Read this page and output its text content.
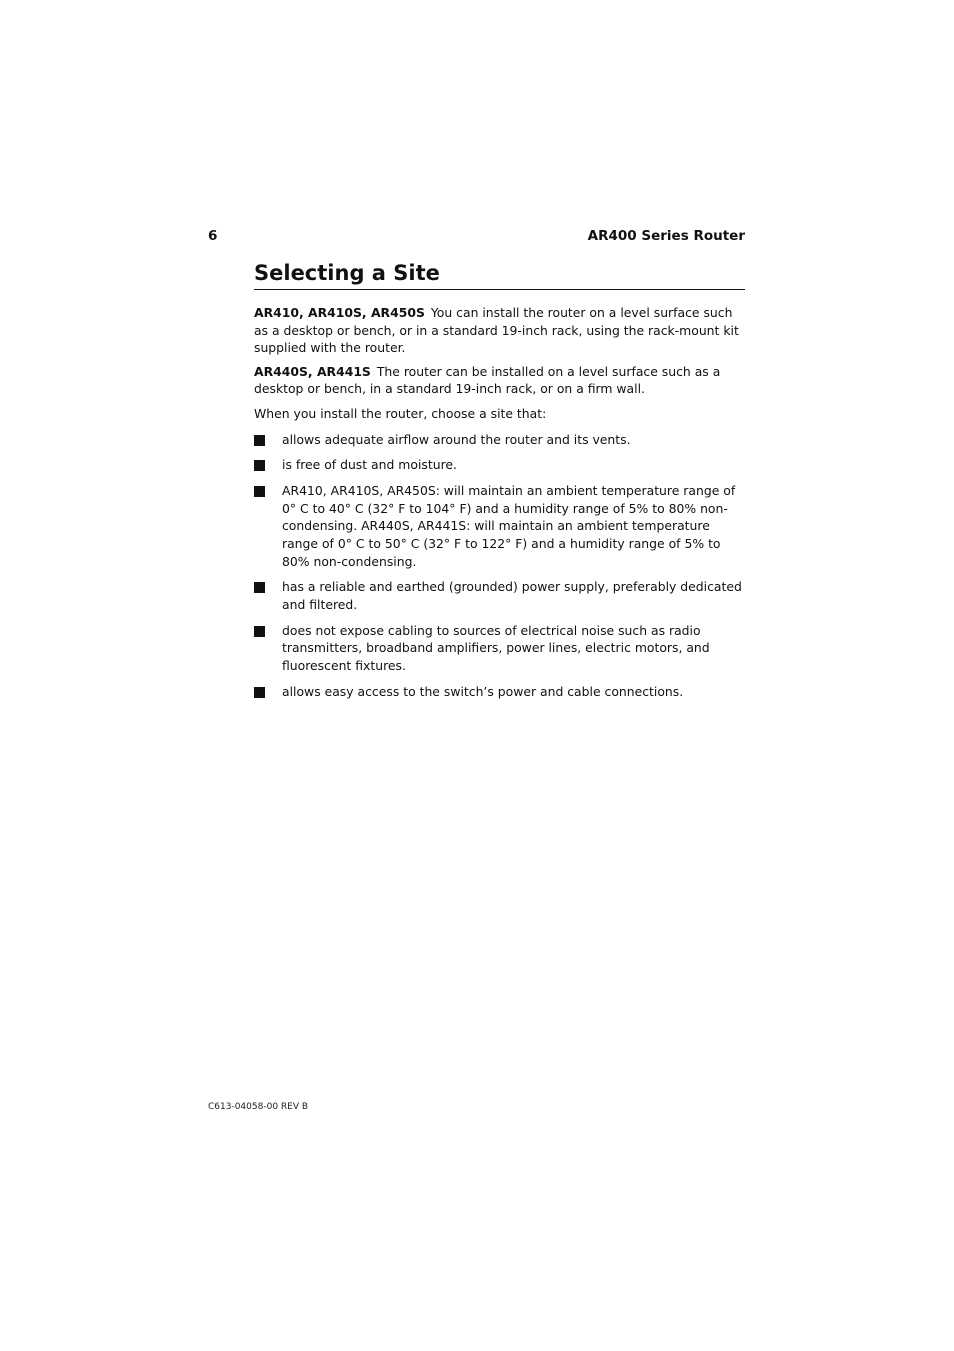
6	AR400 Series Router
Selecting a Site

AR410, AR410S, AR450S You can install the router on a level surface such as a desktop or bench, or in a standard 19-inch rack, using the rack-mount kit supplied with the router.

AR440S, AR441S The router can be installed on a level surface such as a desktop or bench, in a standard 19-inch rack, or on a firm wall.

When you install the router, choose a site that:

allows adequate airflow around the router and its vents.
is free of dust and moisture.
AR410, AR410S, AR450S: will maintain an ambient temperature range of 0° C to 40° C (32° F to 104° F) and a humidity range of 5% to 80% non-condensing. AR440S, AR441S: will maintain an ambient temperature range of 0° C to 50° C (32° F to 122° F) and a humidity range of 5% to 80% non-condensing.
has a reliable and earthed (grounded) power supply, preferably dedicated and filtered.
does not expose cabling to sources of electrical noise such as radio transmitters, broadband amplifiers, power lines, electric motors, and fluorescent fixtures.
allows easy access to the switch’s power and cable connections.
C613-04058-00 REV B
